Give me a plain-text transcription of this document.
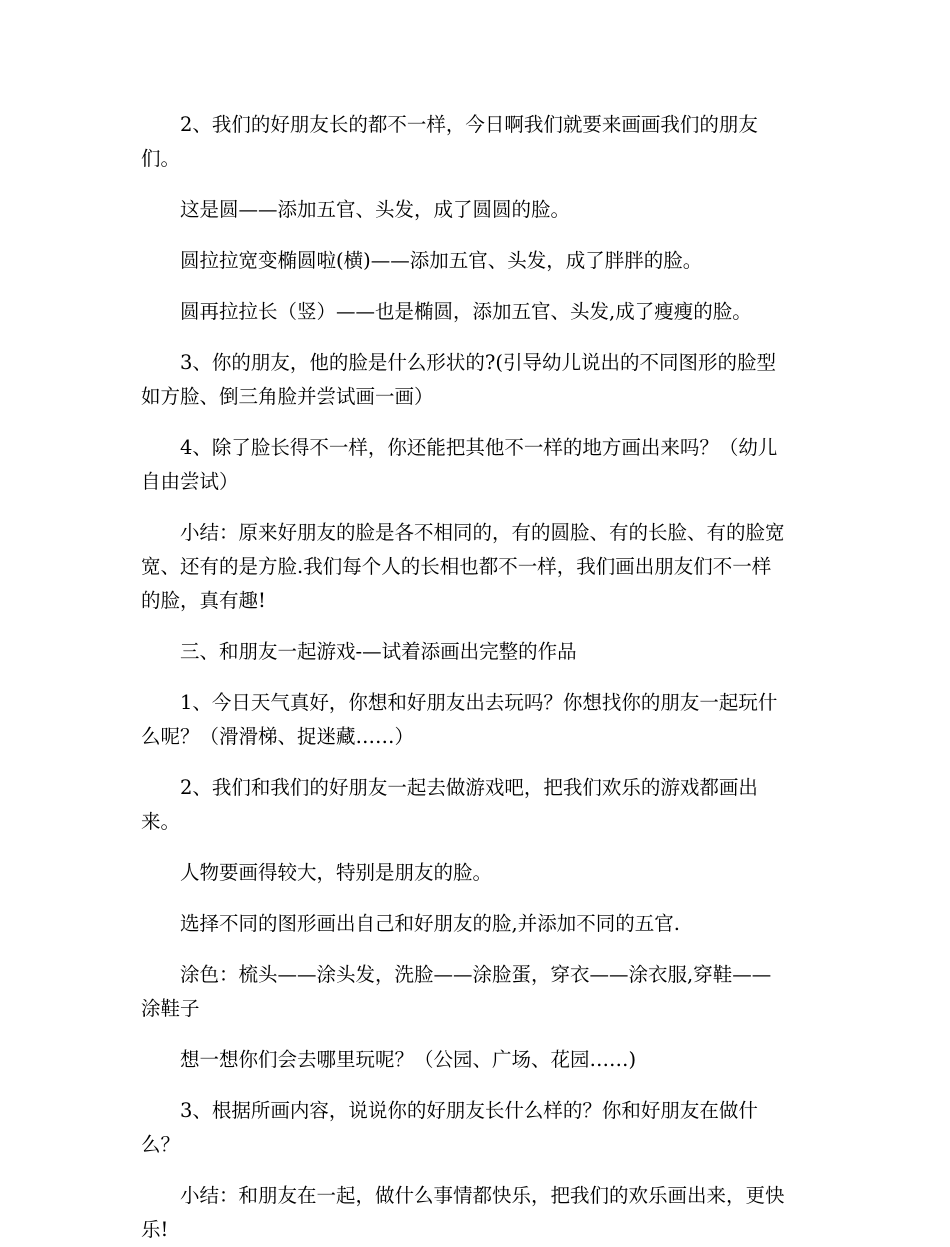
2、我们的好朋友长的都不一样，今日啊我们就要来画画我们的朋友们。

这是圆——添加五官、头发，成了圆圆的脸。

圆拉拉宽变椭圆啦(横)——添加五官、头发，成了胖胖的脸。

圆再拉拉长（竖）——也是椭圆，添加五官、头发,成了瘦瘦的脸。

3、你的朋友，他的脸是什么形状的?(引导幼儿说出的不同图形的脸型如方脸、倒三角脸并尝试画一画）

4、除了脸长得不一样，你还能把其他不一样的地方画出来吗？（幼儿自由尝试）

小结：原来好朋友的脸是各不相同的，有的圆脸、有的长脸、有的脸宽宽、还有的是方脸.我们每个人的长相也都不一样，我们画出朋友们不一样的脸，真有趣!

三、和朋友一起游戏-—试着添画出完整的作品

1、今日天气真好，你想和好朋友出去玩吗？你想找你的朋友一起玩什么呢？（滑滑梯、捉迷藏……）

2、我们和我们的好朋友一起去做游戏吧，把我们欢乐的游戏都画出来。

人物要画得较大，特别是朋友的脸。

选择不同的图形画出自己和好朋友的脸,并添加不同的五官.

涂色：梳头——涂头发，洗脸——涂脸蛋，穿衣——涂衣服,穿鞋——涂鞋子

想一想你们会去哪里玩呢？（公园、广场、花园……)

3、根据所画内容，说说你的好朋友长什么样的？你和好朋友在做什么？

小结：和朋友在一起，做什么事情都快乐，把我们的欢乐画出来，更快乐!
